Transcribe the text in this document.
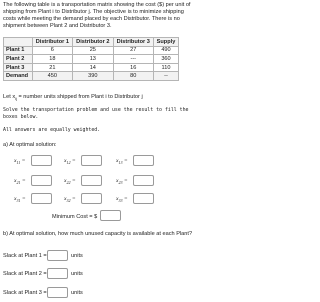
The following table is a transportation matrix showing the cost ($) per unit of shipping from Plant i to Distributor j. The objective is to minimize shipping costs while meeting the demand placed by each Distributor. There is no shipment between Plant 2 and Distributor 3.
	Distributor 1	Distributor 2	Distributor 3	Supply
Plant 1	6	25	27	490
Plant 2	18	13	---	360
Plant 3	21	14	16	110
Demand	450	390	80	--
Let $x_{ij}$ = number units shipped from Plant i to Distributor j
Solve the transportation problem and use the result to fill the boxes below.
All answers are equally weighted.
a) At optimal solution:
$x_{11}$ =	$x_{12}$ =	$x_{13}$ =
$x_{21}$ =	$x_{22}$ =	$x_{23}$ =
$x_{31}$ =	$x_{32}$ =	$x_{33}$ =
Minimum Cost = $
b) At optimal solution, how much unused capacity is available at each Plant?
Slack at Plant 1 =	units
Slack at Plant 2 =	units
Slack at Plant 3 =	units
